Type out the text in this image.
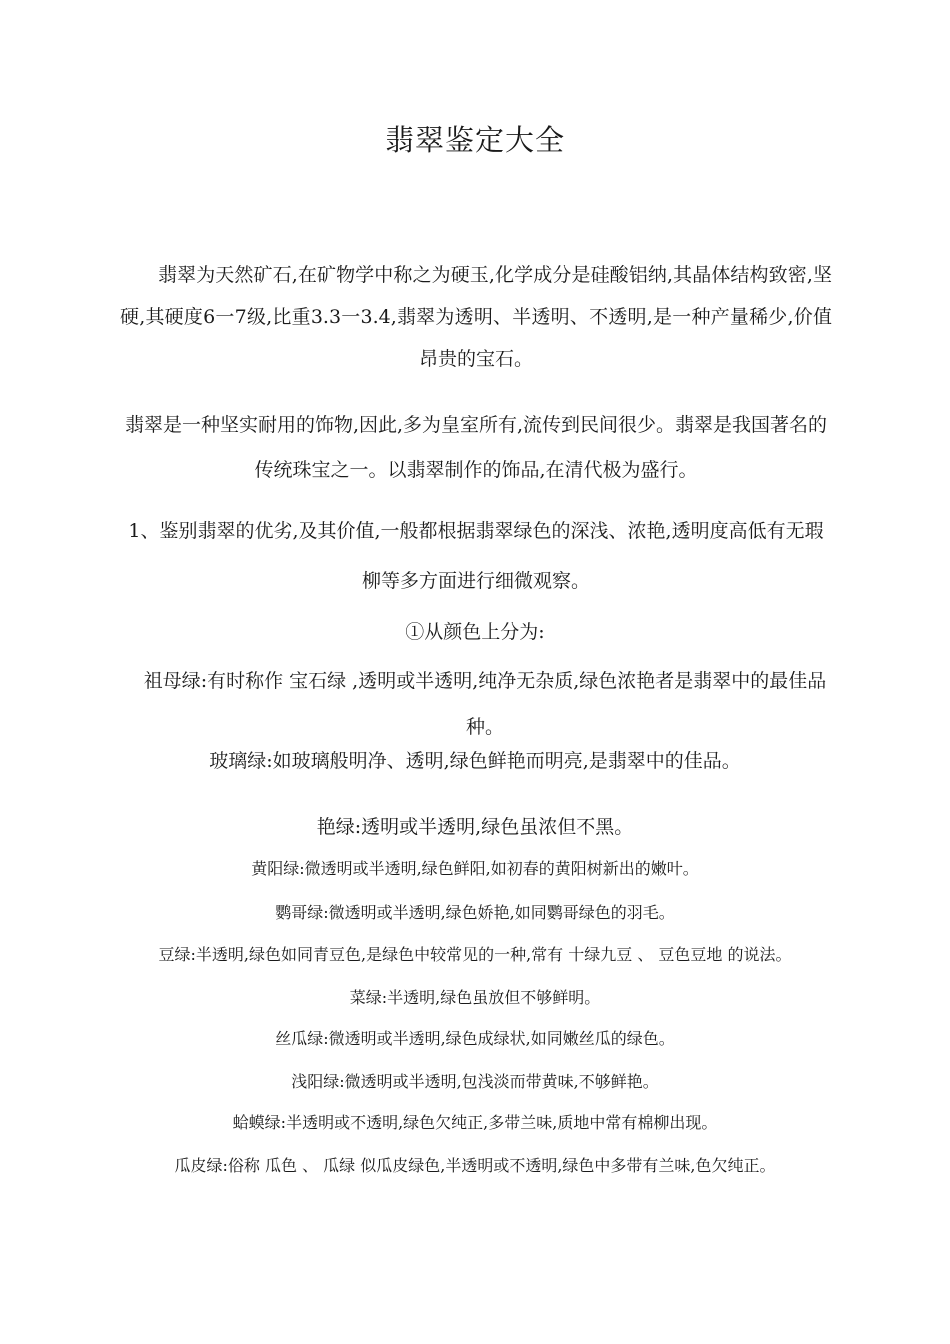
翡翠鉴定大全

翡翠为天然矿石,在矿物学中称之为硬玉,化学成分是硅酸铝纳,其晶体结构致密,坚硬,其硬度6一7级,比重3.3一3.4,翡翠为透明、半透明、不透明,是一种产量稀少,价值昂贵的宝石。

翡翠是一种坚实耐用的饰物,因此,多为皇室所有,流传到民间很少。翡翠是我国著名的传统珠宝之一。以翡翠制作的饰品,在清代极为盛行。

1、鉴别翡翠的优劣,及其价值,一般都根据翡翠绿色的深浅、浓艳,透明度高低有无瑕柳等多方面进行细微观察。

①从颜色上分为:

祖母绿:有时称作 宝石绿 ,透明或半透明,纯净无杂质,绿色浓艳者是翡翠中的最佳品种。

玻璃绿:如玻璃般明净、透明,绿色鲜艳而明亮,是翡翠中的佳品。

艳绿:透明或半透明,绿色虽浓但不黑。

黄阳绿:微透明或半透明,绿色鲜阳,如初春的黄阳树新出的嫩叶。

鹦哥绿:微透明或半透明,绿色娇艳,如同鹦哥绿色的羽毛。

豆绿:半透明,绿色如同青豆色,是绿色中较常见的一种,常有 十绿九豆 、 豆色豆地 的说法。

菜绿:半透明,绿色虽放但不够鲜明。

丝瓜绿:微透明或半透明,绿色成绿状,如同嫩丝瓜的绿色。

浅阳绿:微透明或半透明,包浅淡而带黄味,不够鲜艳。

蛤蟆绿:半透明或不透明,绿色欠纯正,多带兰味,质地中常有棉柳出现。

瓜皮绿:俗称 瓜色 、 瓜绿 似瓜皮绿色,半透明或不透明,绿色中多带有兰味,色欠纯正。
